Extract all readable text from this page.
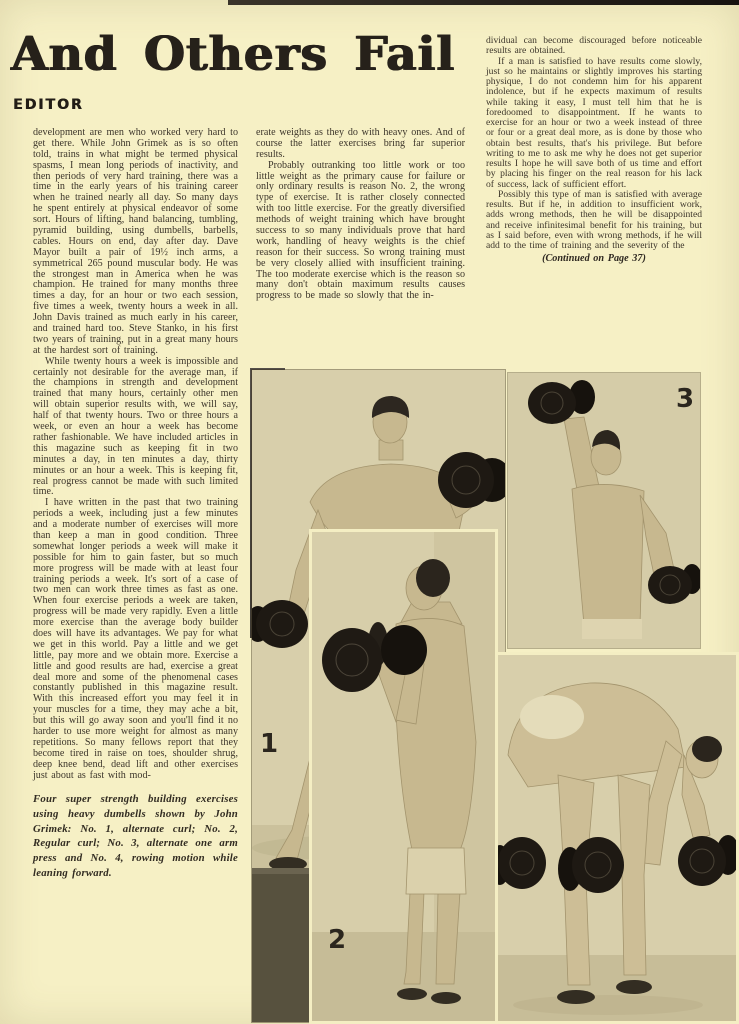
And Others Fail
EDITOR

development are men who worked very hard to get there. While John Grimek as is so often told, trains in what might be termed physical spasms, I mean long periods of inactivity, and then periods of very hard training, there was a time in the early years of his training career when he trained nearly all day. So many days he spent entirely at physical endeavor of some sort. Hours of lifting, hand balancing, tumbling, pyramid building, using dumbells, barbells, cables. Hours on end, day after day. Dave Mayor built a pair of 19½ inch arms, a symmetrical 265 pound muscular body. He was the strongest man in America when he was champion. He trained for many months three times a day, for an hour or two each session, five times a week, twenty hours a week in all. John Davis trained as much early in his career, and trained hard too. Steve Stanko, in his first two years of training, put in a great many hours at the hardest sort of training.

While twenty hours a week is impossible and certainly not desirable for the average man, if the champions in strength and development trained that many hours, certainly other men will obtain superior results with, we will say, half of that twenty hours. Two or three hours a week, or even an hour a week has become rather fashionable. We have included articles in this magazine such as keeping fit in two minutes a day, in ten minutes a day, thirty minutes or an hour a week. This is keeping fit, real progress cannot be made with such limited time.

I have written in the past that two training periods a week, including just a few minutes and a moderate number of exercises will more than keep a man in good condition. Three somewhat longer periods a week will make it possible for him to gain faster, but so much more progress will be made with at least four training periods a week. It's sort of a case of two men can work three times as fast as one. When four exercise periods a week are taken, progress will be made very rapidly. Even a little more exercise than the average body builder does will have its advantages. We pay for what we get in this world. Pay a little and we get little, pay more and we obtain more. Exercise a little and good results are had, exercise a great deal more and some of the phenomenal cases constantly published in this magazine result. With this increased effort you may feel it in your muscles for a time, they may ache a bit, but this will go away soon and you'll find it no harder to use more weight for almost as many repetitions. So many fellows report that they become tired in raise on toes, shoulder shrug, deep knee bend, dead lift and other exercises just about as fast with mod-

Four super strength building exercises using heavy dumbells shown by John Grimek: No. 1, alternate curl; No. 2, Regular curl; No. 3, alternate one arm press and No. 4, rowing motion while leaning forward.

erate weights as they do with heavy ones. And of course the latter exercises bring far superior results.

Probably outranking too little work or too little weight as the primary cause for failure or only ordinary results is reason No. 2, the wrong type of exercise. It is rather closely connected with too little exercise. For the greatly diversified methods of weight training which have brought success to so many individuals prove that hard work, handling of heavy weights is the chief reason for their success. So wrong training must be very closely allied with insufficient training. The too moderate exercise which is the reason so many don't obtain maximum results causes progress to be made so slowly that the in-

dividual can become discouraged before noticeable results are obtained.

If a man is satisfied to have results come slowly, just so he maintains or slightly improves his starting physique, I do not condemn him for his apparent indolence, but if he expects maximum of results while taking it easy, I must tell him that he is foredoomed to disappointment. If he wants to exercise for an hour or two a week instead of three or four or a great deal more, as is done by those who obtain best results, that's his privilege. But before writing to me to ask me why he does not get superior results I hope he will save both of us time and effort by placing his finger on the real reason for his lack of success, lack of sufficient effort.

Possibly this type of man is satisfied with average results. But if he, in addition to insufficient work, adds wrong methods, then he will be disappointed and receive infinitesimal benefit for his training, but as I said before, even with wrong methods, if he will add to the time of training and the severity of the

(Continued on Page 37)
1
3
2
